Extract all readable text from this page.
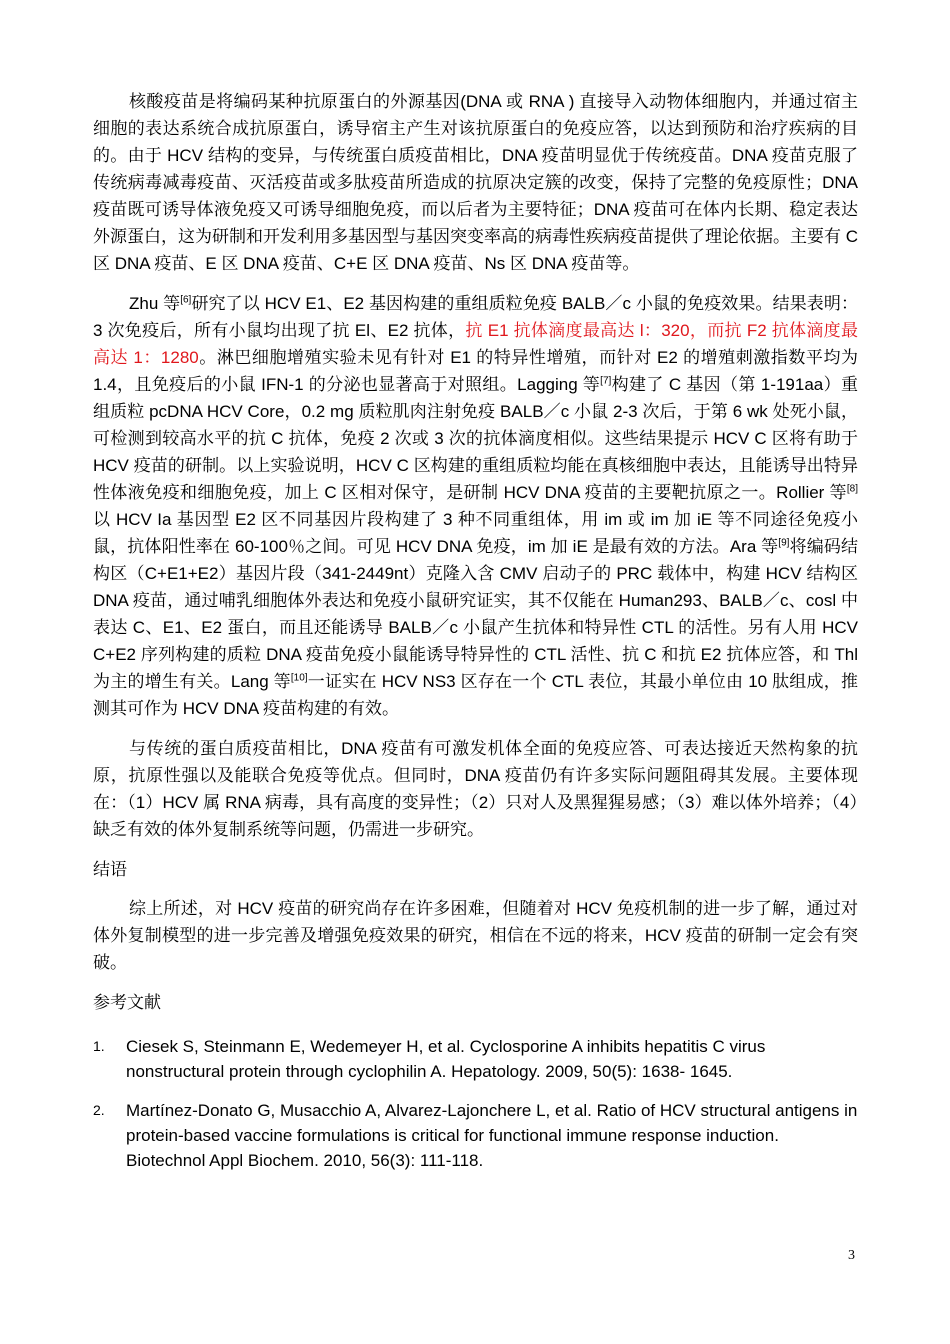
核酸疫苗是将编码某种抗原蛋白的外源基因(DNA 或 RNA ) 直接导入动物体细胞内，并通过宿主细胞的表达系统合成抗原蛋白，诱导宿主产生对该抗原蛋白的免疫应答，以达到预防和治疗疾病的目的。由于 HCV 结构的变异，与传统蛋白质疫苗相比，DNA 疫苗明显优于传统疫苗。DNA 疫苗克服了传统病毒减毒疫苗、灭活疫苗或多肽疫苗所造成的抗原决定簇的改变，保持了完整的免疫原性；DNA 疫苗既可诱导体液免疫又可诱导细胞免疫，而以后者为主要特征；DNA 疫苗可在体内长期、稳定表达外源蛋白，这为研制和开发利用多基因型与基因突变率高的病毒性疾病疫苗提供了理论依据。主要有 C 区 DNA 疫苗、E 区 DNA 疫苗、C+E 区 DNA 疫苗、Ns 区 DNA 疫苗等。

Zhu 等[6]研究了以 HCV E1、E2 基因构建的重组质粒免疫 BALB／c 小鼠的免疫效果。结果表明：3 次免疫后，所有小鼠均出现了抗 El、E2 抗体，抗 E1 抗体滴度最高达 l：320，而抗 F2 抗体滴度最高达 1：1280。淋巴细胞增殖实验未见有针对 E1 的特异性增殖，而针对 E2 的增殖刺激指数平均为 1.4，且免疫后的小鼠 IFN-1 的分泌也显著高于对照组。Lagging 等[7]构建了 C 基因（第 1-191aa）重组质粒 pcDNA HCV Core，0.2 mg 质粒肌肉注射免疫 BALB／c 小鼠 2-3 次后，于第 6 wk 处死小鼠，可检测到较高水平的抗 C 抗体，免疫 2 次或 3 次的抗体滴度相似。这些结果提示 HCV C 区将有助于 HCV 疫苗的研制。以上实验说明，HCV C 区构建的重组质粒均能在真核细胞中表达，且能诱导出特异性体液免疫和细胞免疫，加上 C 区相对保守，是研制 HCV DNA 疫苗的主要靶抗原之一。Rollier 等[8]以 HCV Ia 基因型 E2 区不同基因片段构建了 3 种不同重组体，用 im 或 im 加 iE 等不同途径免疫小鼠，抗体阳性率在 60-100％之间。可见 HCV DNA 免疫，im 加 iE 是最有效的方法。Ara 等[9]将编码结构区（C+E1+E2）基因片段（341-2449nt）克隆入含 CMV 启动子的 PRC 载体中，构建 HCV 结构区 DNA 疫苗，通过哺乳细胞体外表达和免疫小鼠研究证实，其不仅能在 Human293、BALB／c、cosl 中表达 C、E1、E2 蛋白，而且还能诱导 BALB／c 小鼠产生抗体和特异性 CTL 的活性。另有人用 HCV C+E2 序列构建的质粒 DNA 疫苗免疫小鼠能诱导特异性的 CTL 活性、抗 C 和抗 E2 抗体应答，和 Thl 为主的增生有关。Lang 等[10]一证实在 HCV NS3 区存在一个 CTL 表位，其最小单位由 10 肽组成，推测其可作为 HCV DNA 疫苗构建的有效。

与传统的蛋白质疫苗相比，DNA 疫苗有可激发机体全面的免疫应答、可表达接近天然构象的抗原，抗原性强以及能联合免疫等优点。但同时，DNA 疫苗仍有许多实际问题阻碍其发展。主要体现在：（1）HCV 属 RNA 病毒，具有高度的变异性；（2）只对人及黑猩猩易感；（3）难以体外培养；（4）缺乏有效的体外复制系统等问题，仍需进一步研究。

结语

综上所述，对 HCV 疫苗的研究尚存在许多困难，但随着对 HCV 免疫机制的进一步了解，通过对体外复制模型的进一步完善及增强免疫效果的研究，相信在不远的将来，HCV 疫苗的研制一定会有突破。

参考文献

1. Ciesek S, Steinmann E, Wedemeyer H, et al. Cyclosporine A inhibits hepatitis C virus nonstructural protein through cyclophilin A. Hepatology. 2009, 50(5): 1638- 1645.
2. Martínez-Donato G, Musacchio A, Alvarez-Lajonchere L, et al. Ratio of HCV structural antigens in protein-based vaccine formulations is critical for functional immune response induction. Biotechnol Appl Biochem. 2010, 56(3): 111-118.
3
